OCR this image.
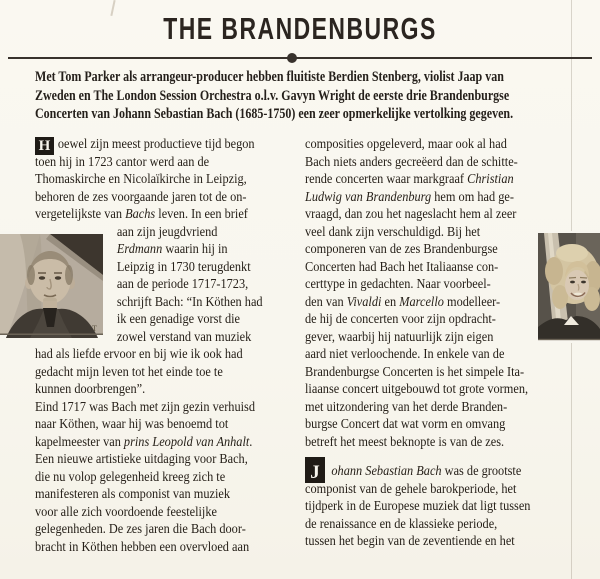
THE BRANDENBURGS
Met Tom Parker als arrangeur-producer hebben fluitiste Berdien Stenberg, violist Jaap van
Zweden en The London Session Orchestra o.l.v. Gavyn Wright de eerste drie Brandenburgse
Concerten van Johann Sebastian Bach (1685-1750) een zeer opmerkelijke vertolking gegeven.
H oewel zijn meest productieve tijd begon
toen hij in 1723 cantor werd aan de
Thomaskirche en Nicolaïkirche in Leipzig,
behoren de zes voorgaande jaren tot de on-
vergetelijkste van Bachs leven. In een brief
aan zijn jeugdvriend
Erdmann waarin hij in
Leipzig in 1730 terugdenkt
aan de periode 1717-1723,
schrijft Bach: “In Köthen had
ik een genadige vorst die
zowel verstand van muziek
had als liefde ervoor en bij wie ik ook had
gedacht mijn leven tot het einde toe te
kunnen doorbrengen”.
Eind 1717 was Bach met zijn gezin verhuisd
naar Köthen, waar hij was benoemd tot
kapelmeester van prins Leopold van Anhalt.
Een nieuwe artistieke uitdaging voor Bach,
die nu volop gelegenheid kreeg zich te
manifesteren als componist van muziek
voor alle zich voordoende feestelijke
gelegenheden. De zes jaren die Bach door-
bracht in Köthen hebben een overvloed aan
composities opgeleverd, maar ook al had
Bach niets anders gecreëerd dan de schitte-
rende concerten waar markgraaf Christian
Ludwig van Brandenburg hem om had ge-
vraagd, dan zou het nageslacht hem al zeer
veel dank zijn verschuldigd. Bij het
componeren van de zes Brandenburgse
Concerten had Bach het Italiaanse con-
certtype in gedachten. Naar voorbeel-
den van Vivaldi en Marcello modelleer-
de hij de concerten voor zijn opdracht-
gever, waarbij hij natuurlijk zijn eigen
aard niet verloochende. In enkele van de
Brandenburgse Concerten is het simpele Ita-
liaanse concert uitgebouwd tot grote vormen,
met uitzondering van het derde Branden-
burgse Concert dat wat vorm en omvang
betreft het meest beknopte is van de zes.
J ohann Sebastian Bach was de grootste
componist van de gehele barokperiode, het
tijdperk in de Europese muziek dat ligt tussen
de renaissance en de klassieke periode,
tussen het begin van de zeventiende en het
T
